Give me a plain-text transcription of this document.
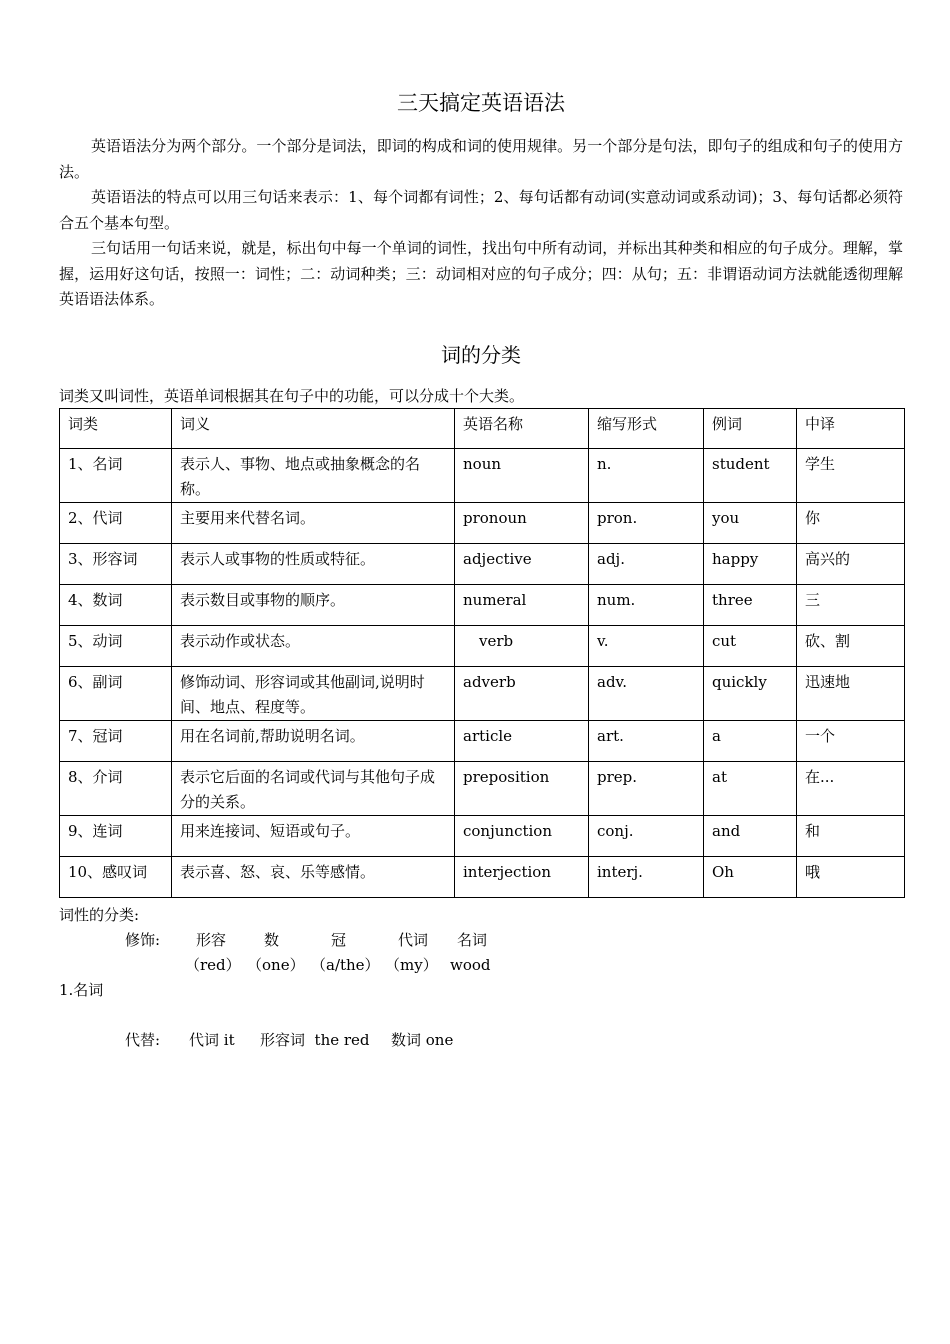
三天搞定英语语法

英语语法分为两个部分。一个部分是词法，即词的构成和词的使用规律。另一个部分是句法，即句子的组成和句子的使用方法。

英语语法的特点可以用三句话来表示：1、每个词都有词性；2、每句话都有动词(实意动词或系动词)；3、每句话都必须符合五个基本句型。

三句话用一句话来说，就是，标出句中每一个单词的词性，找出句中所有动词，并标出其种类和相应的句子成分。理解，掌握，运用好这句话，按照一：词性；二：动词种类；三：动词相对应的句子成分；四：从句；五：非谓语动词方法就能透彻理解英语语法体系。

词的分类
词类又叫词性，英语单词根据其在句子中的功能，可以分成十个大类。
词类	词义	英语名称	缩写形式	例词	中译
1、名词	表示人、事物、地点或抽象概念的名称。	noun	n.	student	学生
2、代词	主要用来代替名词。	pronoun	pron.	you	你
3、形容词	表示人或事物的性质或特征。	adjective	adj.	happy	高兴的
4、数词	表示数目或事物的顺序。	numeral	num.	three	三
5、动词	表示动作或状态。	verb	v.	cut	砍、割
6、副词	修饰动词、形容词或其他副词,说明时间、地点、程度等。	adverb	adv.	quickly	迅速地
7、冠词	用在名词前,帮助说明名词。	article	art.	a	一个
8、介词	表示它后面的名词或代词与其他句子成分的关系。	preposition	prep.	at	在...
9、连词	用来连接词、短语或句子。	conjunction	conj.	and	和
10、感叹词	表示喜、怒、哀、乐等感情。	interjection	interj.	Oh	哦
词性的分类:
修饰: 形容	数	冠	代词 名词
（red） （one） （a/the） （my） wood
1.名词
代替: 代词 it 形容词  the red 数词 one
